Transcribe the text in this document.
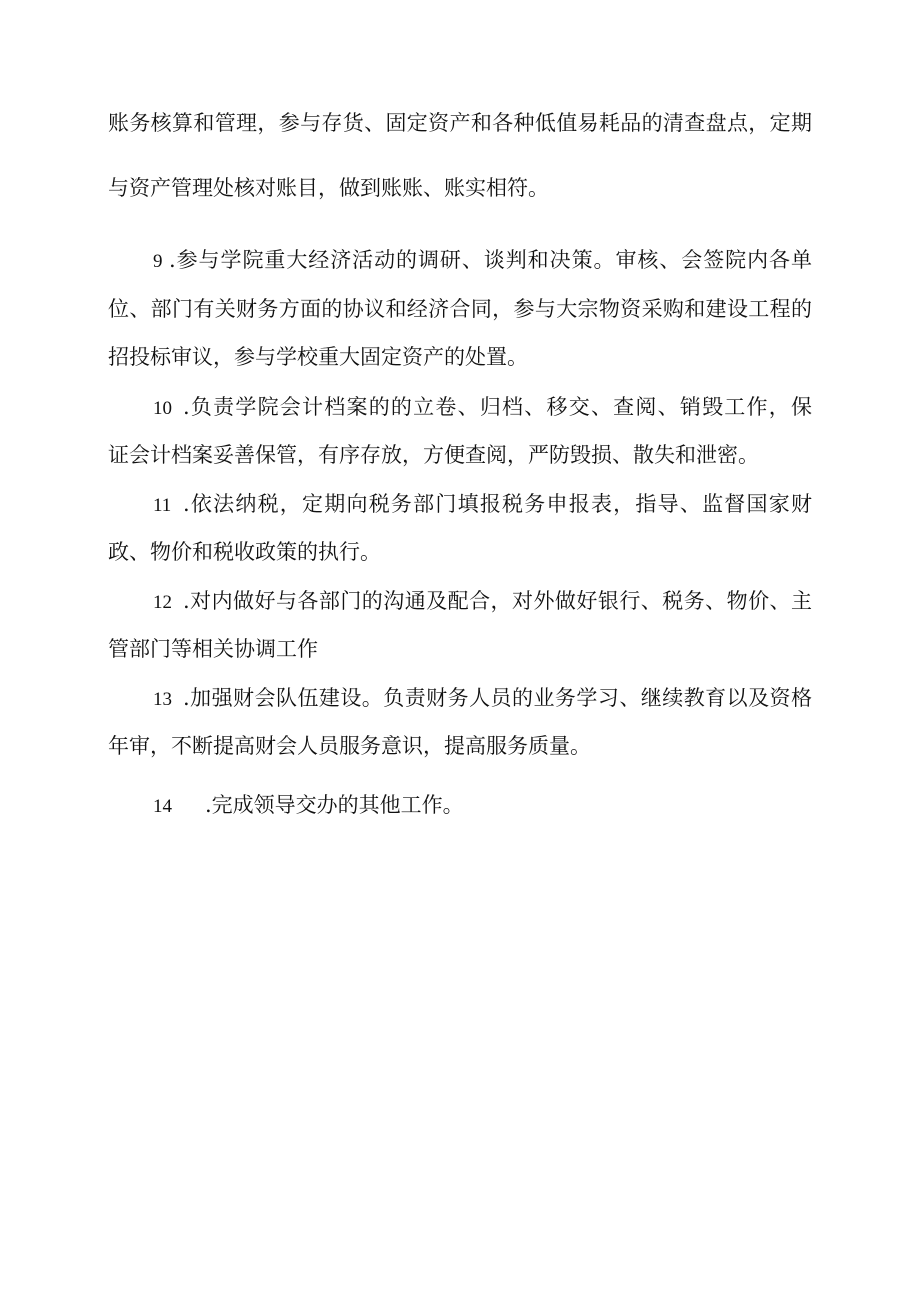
账务核算和管理，参与存货、固定资产和各种低值易耗品的清查盘点，定期
与资产管理处核对账目，做到账账、账实相符。
9 .参与学院重大经济活动的调研、谈判和决策。审核、会签院内各单
位、部门有关财务方面的协议和经济合同，参与大宗物资采购和建设工程的
招投标审议，参与学校重大固定资产的处置。
10 .负责学院会计档案的的立卷、归档、移交、查阅、销毁工作，保
证会计档案妥善保管，有序存放，方便查阅，严防毁损、散失和泄密。
11 .依法纳税，定期向税务部门填报税务申报表，指导、监督国家财
政、物价和税收政策的执行。
12 .对内做好与各部门的沟通及配合，对外做好银行、税务、物价、主
管部门等相关协调工作
13 .加强财会队伍建设。负责财务人员的业务学习、继续教育以及资格
年审，不断提高财会人员服务意识，提高服务质量。
14 .完成领导交办的其他工作。
